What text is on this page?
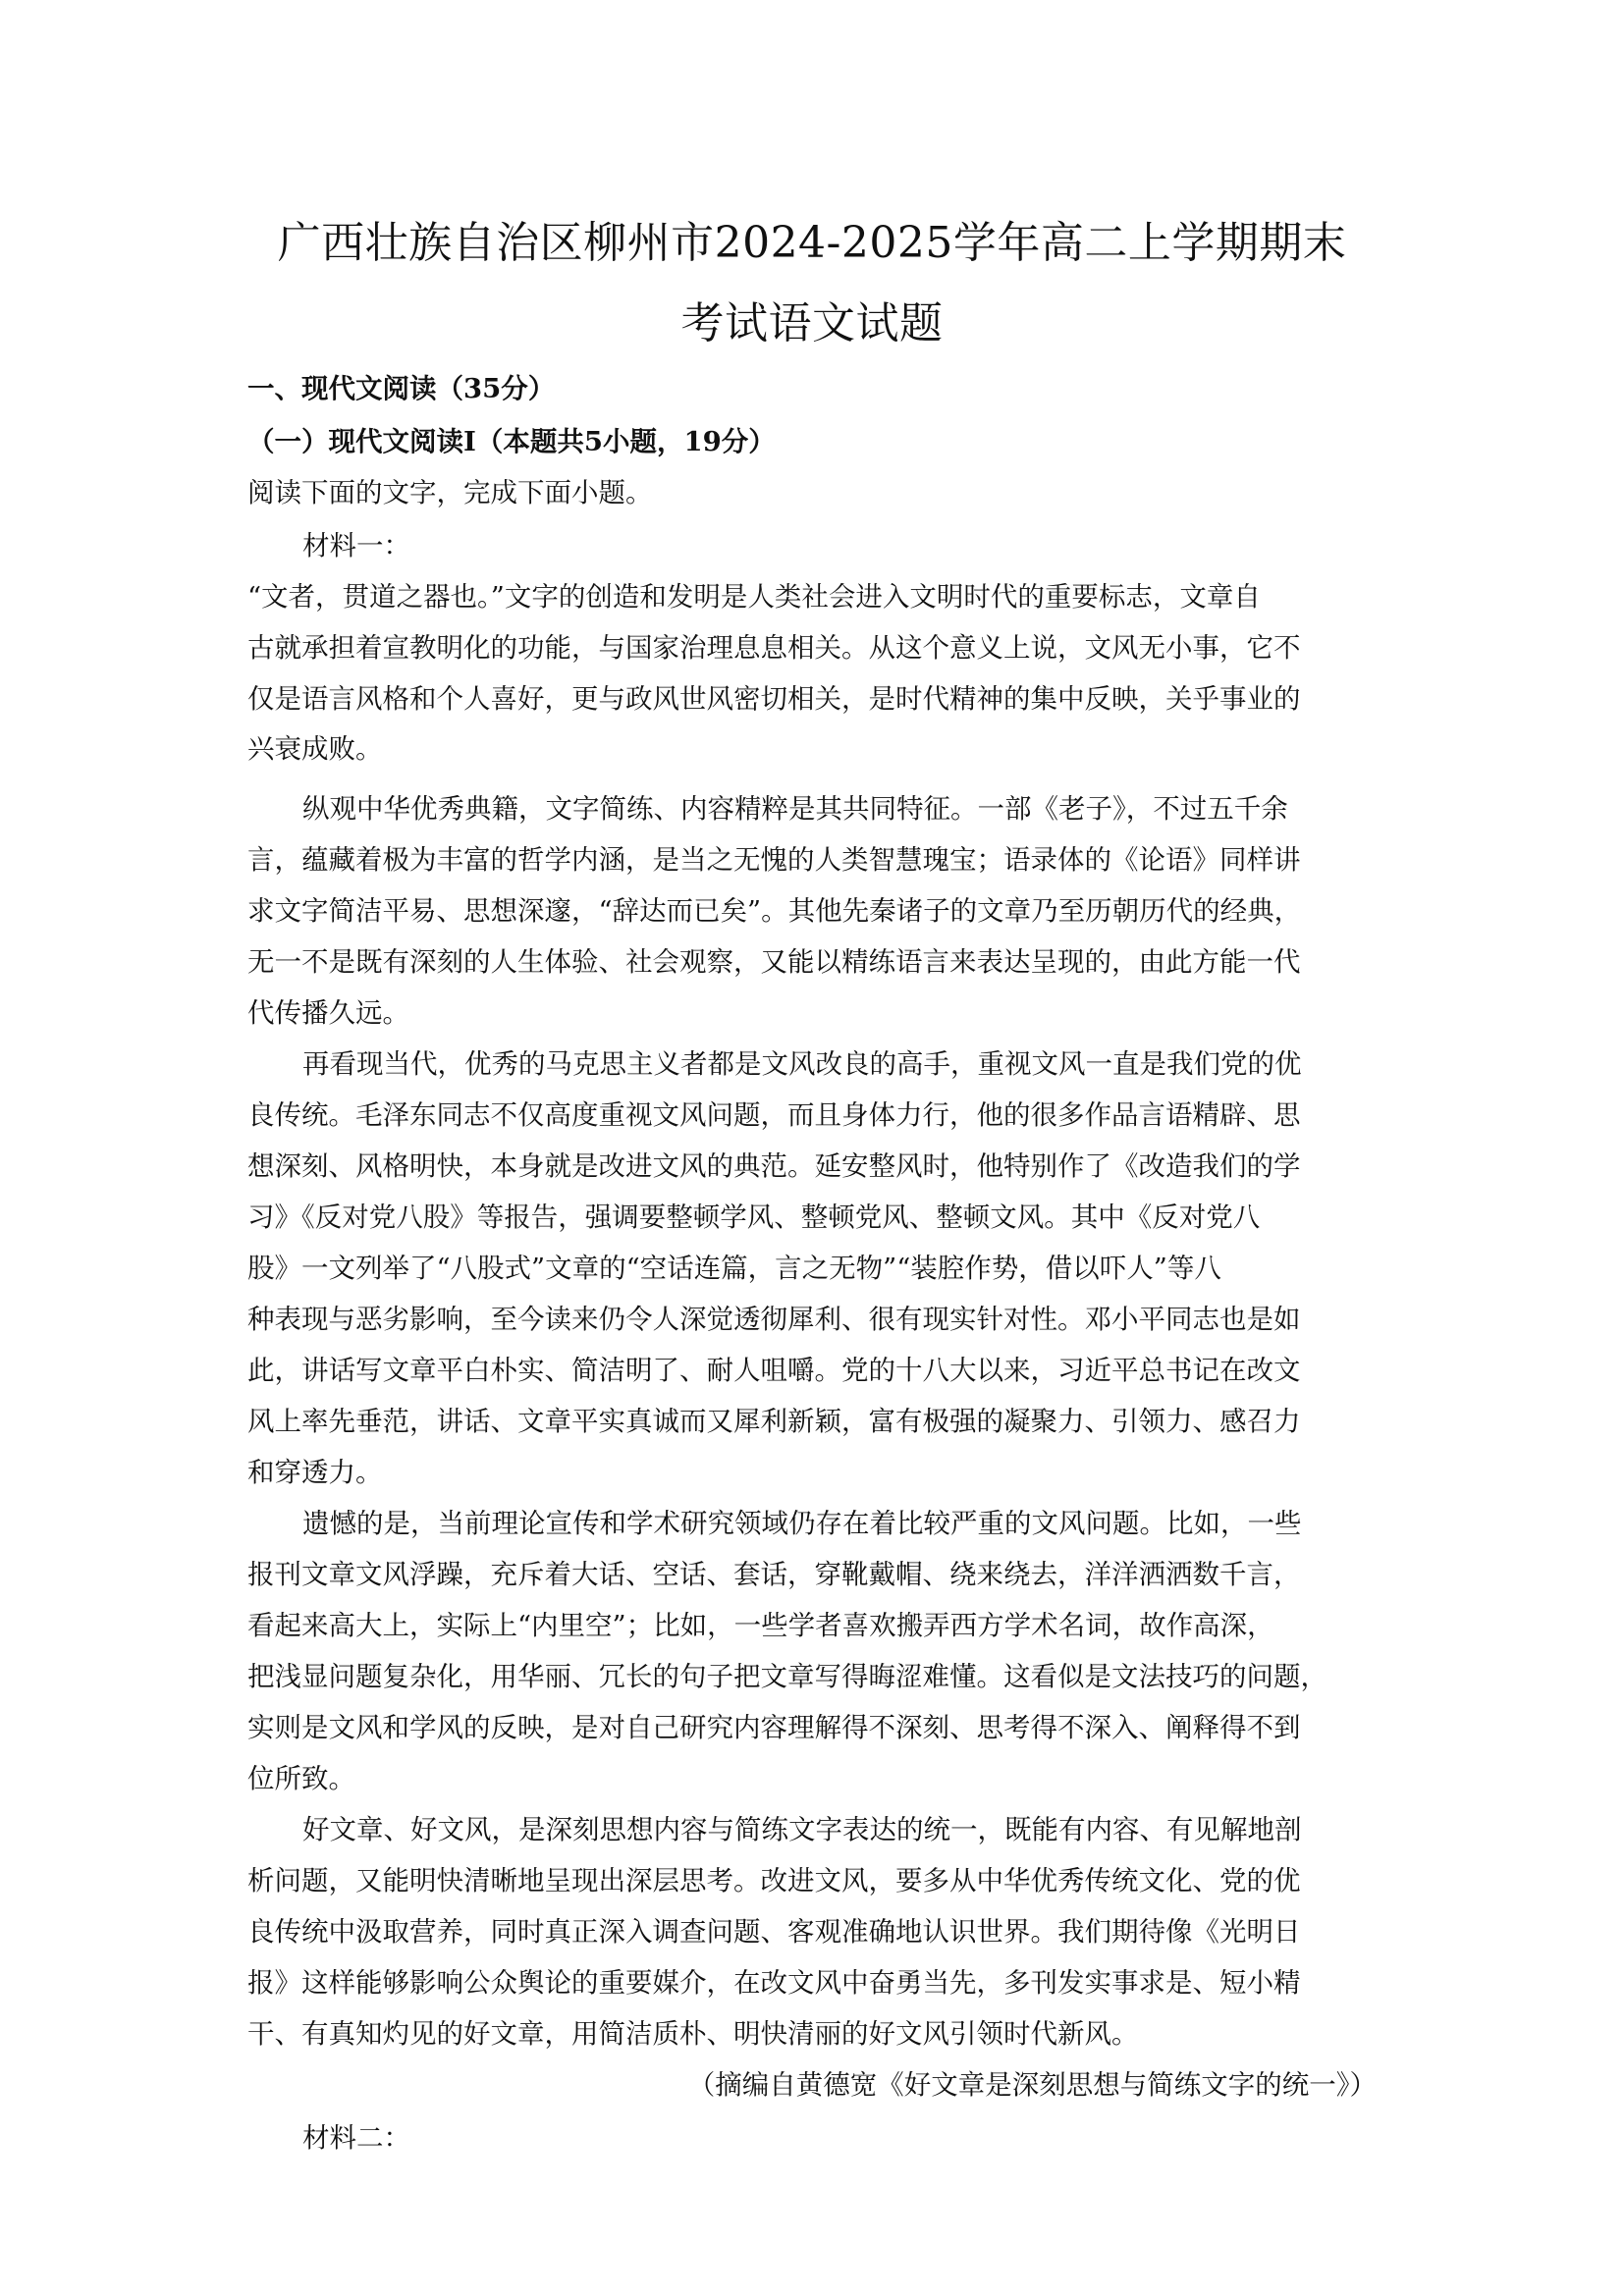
广西壮族自治区柳州市2024-2025学年高二上学期期末
考试语文试题

一、现代文阅读（35分）

（一）现代文阅读I（本题共5小题，19分）

阅读下面的文字，完成下面小题。

材料一：

“文者，贯道之器也。”文字的创造和发明是人类社会进入文明时代的重要标志，文章自

古就承担着宣教明化的功能，与国家治理息息相关。从这个意义上说，文风无小事，它不

仅是语言风格和个人喜好，更与政风世风密切相关，是时代精神的集中反映，关乎事业的

兴衰成败。

纵观中华优秀典籍，文字简练、内容精粹是其共同特征。一部《老子》，不过五千余

言，蕴藏着极为丰富的哲学内涵，是当之无愧的人类智慧瑰宝；语录体的《论语》同样讲

求文字简洁平易、思想深邃，“辞达而已矣”。其他先秦诸子的文章乃至历朝历代的经典，

无一不是既有深刻的人生体验、社会观察，又能以精练语言来表达呈现的，由此方能一代

代传播久远。

再看现当代，优秀的马克思主义者都是文风改良的高手，重视文风一直是我们党的优

良传统。毛泽东同志不仅高度重视文风问题，而且身体力行，他的很多作品言语精辟、思

想深刻、风格明快，本身就是改进文风的典范。延安整风时，他特别作了《改造我们的学

习》《反对党八股》等报告，强调要整顿学风、整顿党风、整顿文风。其中《反对党八

股》一文列举了“八股式”文章的“空话连篇，言之无物”“装腔作势，借以吓人”等八

种表现与恶劣影响，至今读来仍令人深觉透彻犀利、很有现实针对性。邓小平同志也是如

此，讲话写文章平白朴实、简洁明了、耐人咀嚼。党的十八大以来，习近平总书记在改文

风上率先垂范，讲话、文章平实真诚而又犀利新颖，富有极强的凝聚力、引领力、感召力

和穿透力。

遗憾的是，当前理论宣传和学术研究领域仍存在着比较严重的文风问题。比如，一些

报刊文章文风浮躁，充斥着大话、空话、套话，穿靴戴帽、绕来绕去，洋洋洒洒数千言，

看起来高大上，实际上“内里空”；比如，一些学者喜欢搬弄西方学术名词，故作高深，

把浅显问题复杂化，用华丽、冗长的句子把文章写得晦涩难懂。这看似是文法技巧的问题，

实则是文风和学风的反映，是对自己研究内容理解得不深刻、思考得不深入、阐释得不到

位所致。

好文章、好文风，是深刻思想内容与简练文字表达的统一，既能有内容、有见解地剖

析问题，又能明快清晰地呈现出深层思考。改进文风，要多从中华优秀传统文化、党的优

良传统中汲取营养，同时真正深入调查问题、客观准确地认识世界。我们期待像《光明日

报》这样能够影响公众舆论的重要媒介，在改文风中奋勇当先，多刊发实事求是、短小精

干、有真知灼见的好文章，用简洁质朴、明快清丽的好文风引领时代新风。

（摘编自黄德宽《好文章是深刻思想与简练文字的统一》）

材料二：
